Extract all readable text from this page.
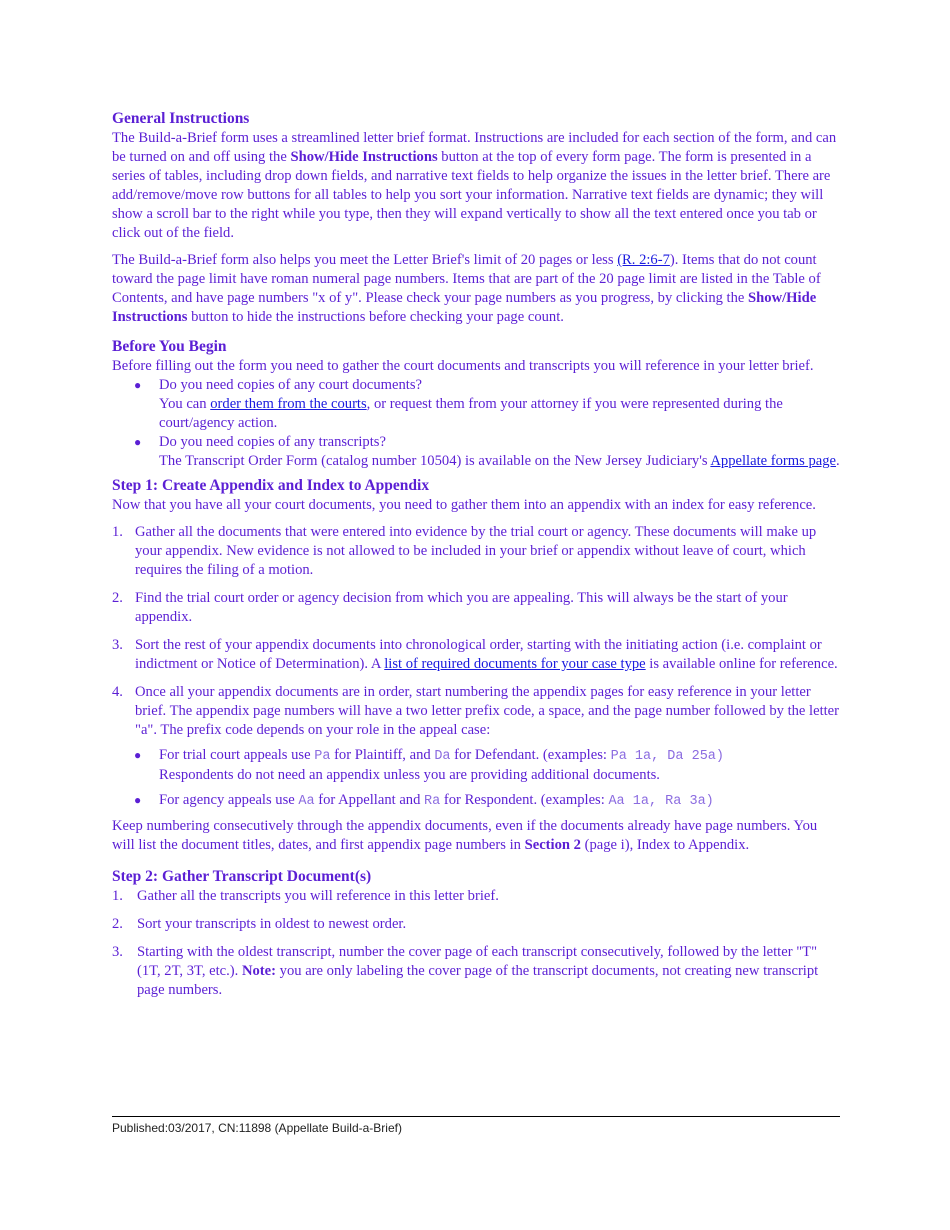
General Instructions

The Build-a-Brief form uses a streamlined letter brief format. Instructions are included for each section of the form, and can be turned on and off using the Show/Hide Instructions button at the top of every form page. The form is presented in a series of tables, including drop down fields, and narrative text fields to help organize the issues in the letter brief. There are add/remove/move row buttons for all tables to help you sort your information. Narrative text fields are dynamic; they will show a scroll bar to the right while you type, then they will expand vertically to show all the text entered once you tab or click out of the field.

The Build-a-Brief form also helps you meet the Letter Brief's limit of 20 pages or less (R. 2:6-7). Items that do not count toward the page limit have roman numeral page numbers. Items that are part of the 20 page limit are listed in the Table of Contents, and have page numbers "x of y". Please check your page numbers as you progress, by clicking the Show/Hide Instructions button to hide the instructions before checking your page count.

Before You Begin

Before filling out the form you need to gather the court documents and transcripts you will reference in your letter brief.

● Do you need copies of any court documents?
You can order them from the courts, or request them from your attorney if you were represented during the court/agency action.
● Do you need copies of any transcripts?
The Transcript Order Form (catalog number 10504) is available on the New Jersey Judiciary's Appellate forms page.
Step 1: Create Appendix and Index to Appendix

Now that you have all your court documents, you need to gather them into an appendix with an index for easy reference.

1. Gather all the documents that were entered into evidence by the trial court or agency. These documents will make up your appendix. New evidence is not allowed to be included in your brief or appendix without leave of court, which requires the filing of a motion.
2. Find the trial court order or agency decision from which you are appealing. This will always be the start of your appendix.
3. Sort the rest of your appendix documents into chronological order, starting with the initiating action (i.e. complaint or indictment or Notice of Determination). A list of required documents for your case type is available online for reference.
4. Once all your appendix documents are in order, start numbering the appendix pages for easy reference in your letter brief. The appendix page numbers will have a two letter prefix code, a space, and the page number followed by the letter "a". The prefix code depends on your role in the appeal case:
● For trial court appeals use Pa for Plaintiff, and Da for Defendant. (examples: Pa 1a, Da 25a)
Respondents do not need an appendix unless you are providing additional documents.
● For agency appeals use Aa for Appellant and Ra for Respondent. (examples: Aa 1a, Ra 3a)

Keep numbering consecutively through the appendix documents, even if the documents already have page numbers. You will list the document titles, dates, and first appendix page numbers in Section 2 (page i), Index to Appendix.

Step 2: Gather Transcript Document(s)
1. Gather all the transcripts you will reference in this letter brief.
2. Sort your transcripts in oldest to newest order.
3. Starting with the oldest transcript, number the cover page of each transcript consecutively, followed by the letter "T" (1T, 2T, 3T, etc.). Note: you are only labeling the cover page of the transcript documents, not creating new transcript page numbers.
Published:03/2017, CN:11898 (Appellate Build-a-Brief)
